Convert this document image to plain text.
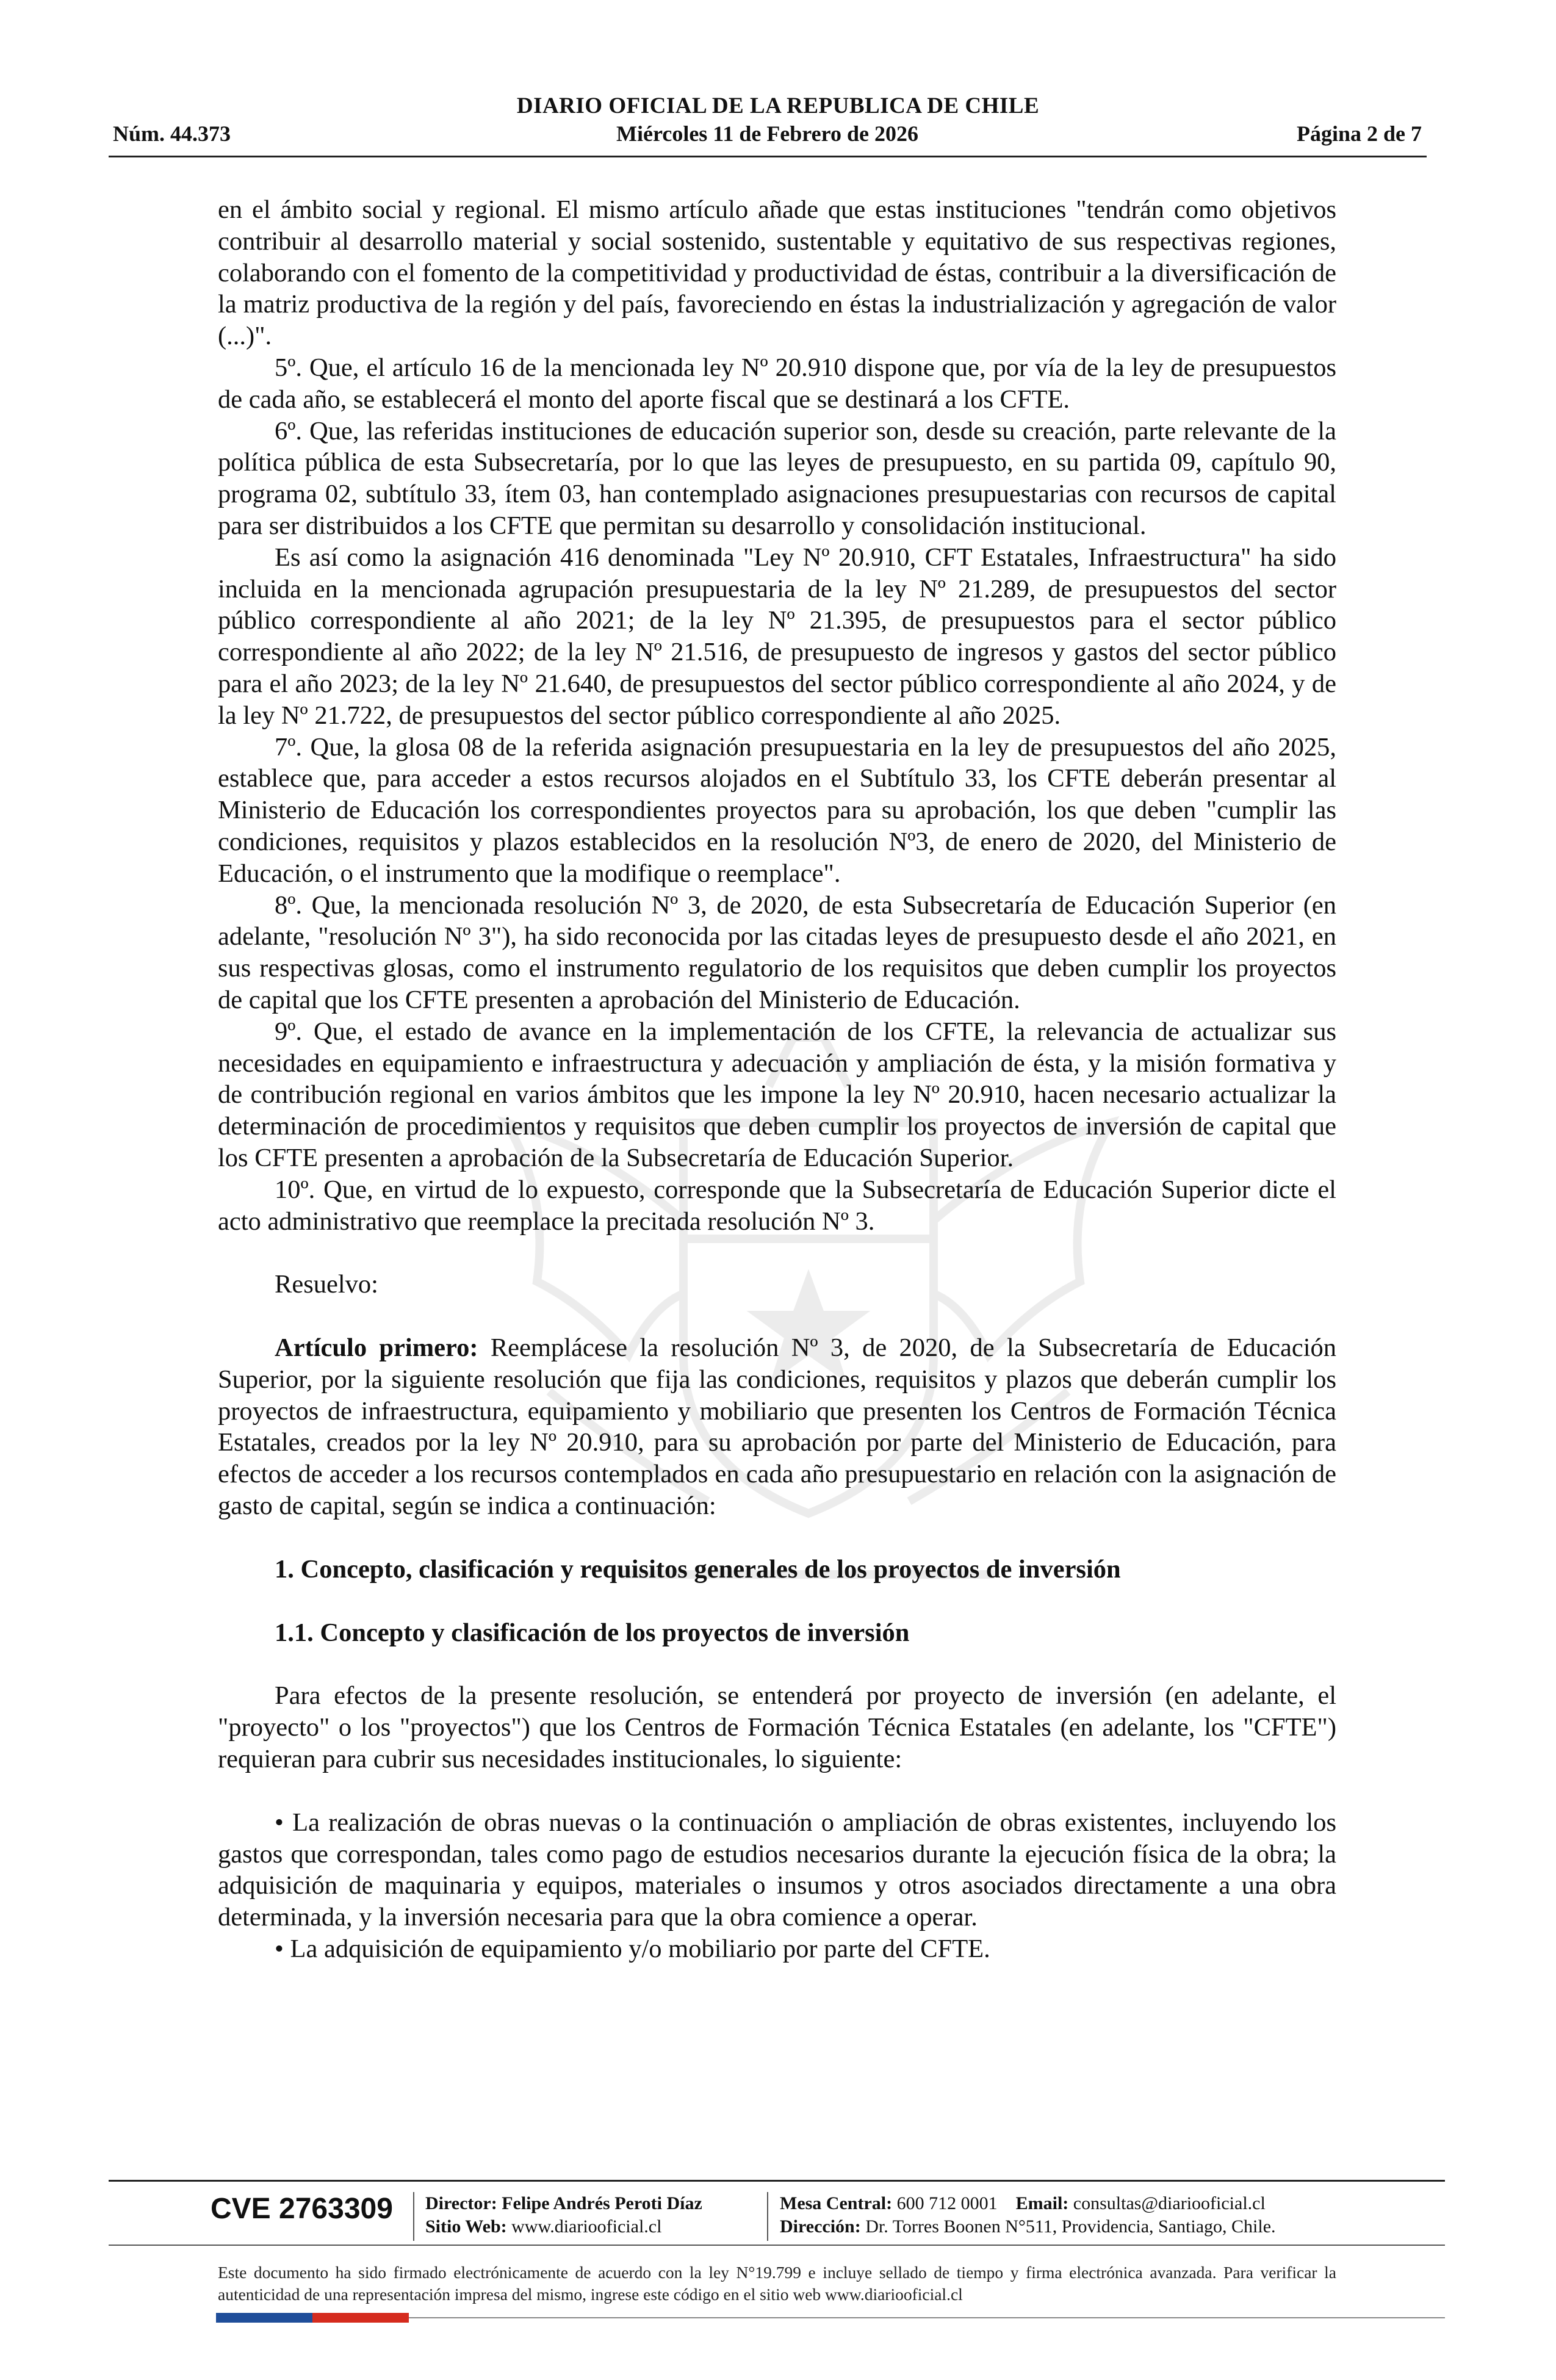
DIARIO OFICIAL DE LA REPUBLICA DE CHILE
Núm. 44.373	Miércoles 11 de Febrero de 2026	Página 2 de 7

en el ámbito social y regional. El mismo artículo añade que estas instituciones "tendrán como objetivos contribuir al desarrollo material y social sostenido, sustentable y equitativo de sus respectivas regiones, colaborando con el fomento de la competitividad y productividad de éstas, contribuir a la diversificación de la matriz productiva de la región y del país, favoreciendo en éstas la industrialización y agregación de valor (...)".

5º. Que, el artículo 16 de la mencionada ley Nº 20.910 dispone que, por vía de la ley de presupuestos de cada año, se establecerá el monto del aporte fiscal que se destinará a los CFTE.

6º. Que, las referidas instituciones de educación superior son, desde su creación, parte relevante de la política pública de esta Subsecretaría, por lo que las leyes de presupuesto, en su partida 09, capítulo 90, programa 02, subtítulo 33, ítem 03, han contemplado asignaciones presupuestarias con recursos de capital para ser distribuidos a los CFTE que permitan su desarrollo y consolidación institucional.

Es así como la asignación 416 denominada "Ley Nº 20.910, CFT Estatales, Infraestructura" ha sido incluida en la mencionada agrupación presupuestaria de la ley Nº 21.289, de presupuestos del sector público correspondiente al año 2021; de la ley Nº 21.395, de presupuestos para el sector público correspondiente al año 2022; de la ley Nº 21.516, de presupuesto de ingresos y gastos del sector público para el año 2023; de la ley Nº 21.640, de presupuestos del sector público correspondiente al año 2024, y de la ley Nº 21.722, de presupuestos del sector público correspondiente al año 2025.

7º. Que, la glosa 08 de la referida asignación presupuestaria en la ley de presupuestos del año 2025, establece que, para acceder a estos recursos alojados en el Subtítulo 33, los CFTE deberán presentar al Ministerio de Educación los correspondientes proyectos para su aprobación, los que deben "cumplir las condiciones, requisitos y plazos establecidos en la resolución Nº3, de enero de 2020, del Ministerio de Educación, o el instrumento que la modifique o reemplace".

8º. Que, la mencionada resolución Nº 3, de 2020, de esta Subsecretaría de Educación Superior (en adelante, "resolución Nº 3"), ha sido reconocida por las citadas leyes de presupuesto desde el año 2021, en sus respectivas glosas, como el instrumento regulatorio de los requisitos que deben cumplir los proyectos de capital que los CFTE presenten a aprobación del Ministerio de Educación.

9º. Que, el estado de avance en la implementación de los CFTE, la relevancia de actualizar sus necesidades en equipamiento e infraestructura y adecuación y ampliación de ésta, y la misión formativa y de contribución regional en varios ámbitos que les impone la ley Nº 20.910, hacen necesario actualizar la determinación de procedimientos y requisitos que deben cumplir los proyectos de inversión de capital que los CFTE presenten a aprobación de la Subsecretaría de Educación Superior.

10º. Que, en virtud de lo expuesto, corresponde que la Subsecretaría de Educación Superior dicte el acto administrativo que reemplace la precitada resolución Nº 3.

Resuelvo:

Artículo primero: Reemplácese la resolución Nº 3, de 2020, de la Subsecretaría de Educación Superior, por la siguiente resolución que fija las condiciones, requisitos y plazos que deberán cumplir los proyectos de infraestructura, equipamiento y mobiliario que presenten los Centros de Formación Técnica Estatales, creados por la ley Nº 20.910, para su aprobación por parte del Ministerio de Educación, para efectos de acceder a los recursos contemplados en cada año presupuestario en relación con la asignación de gasto de capital, según se indica a continuación:

1. Concepto, clasificación y requisitos generales de los proyectos de inversión

1.1. Concepto y clasificación de los proyectos de inversión

Para efectos de la presente resolución, se entenderá por proyecto de inversión (en adelante, el "proyecto" o los "proyectos") que los Centros de Formación Técnica Estatales (en adelante, los "CFTE") requieran para cubrir sus necesidades institucionales, lo siguiente:

• La realización de obras nuevas o la continuación o ampliación de obras existentes, incluyendo los gastos que correspondan, tales como pago de estudios necesarios durante la ejecución física de la obra; la adquisición de maquinaria y equipos, materiales o insumos y otros asociados directamente a una obra determinada, y la inversión necesaria para que la obra comience a operar.

• La adquisición de equipamiento y/o mobiliario por parte del CFTE.

CVE 2763309 Director: Felipe Andrés Peroti Díaz
Sitio Web: www.diariooficial.cl
Mesa Central: 600 712 0001 Email: consultas@diariooficial.cl
Dirección: Dr. Torres Boonen N°511, Providencia, Santiago, Chile.
Este documento ha sido firmado electrónicamente de acuerdo con la ley N°19.799 e incluye sellado de tiempo y firma electrónica avanzada. Para verificar la autenticidad de una representación impresa del mismo, ingrese este código en el sitio web www.diariooficial.cl
